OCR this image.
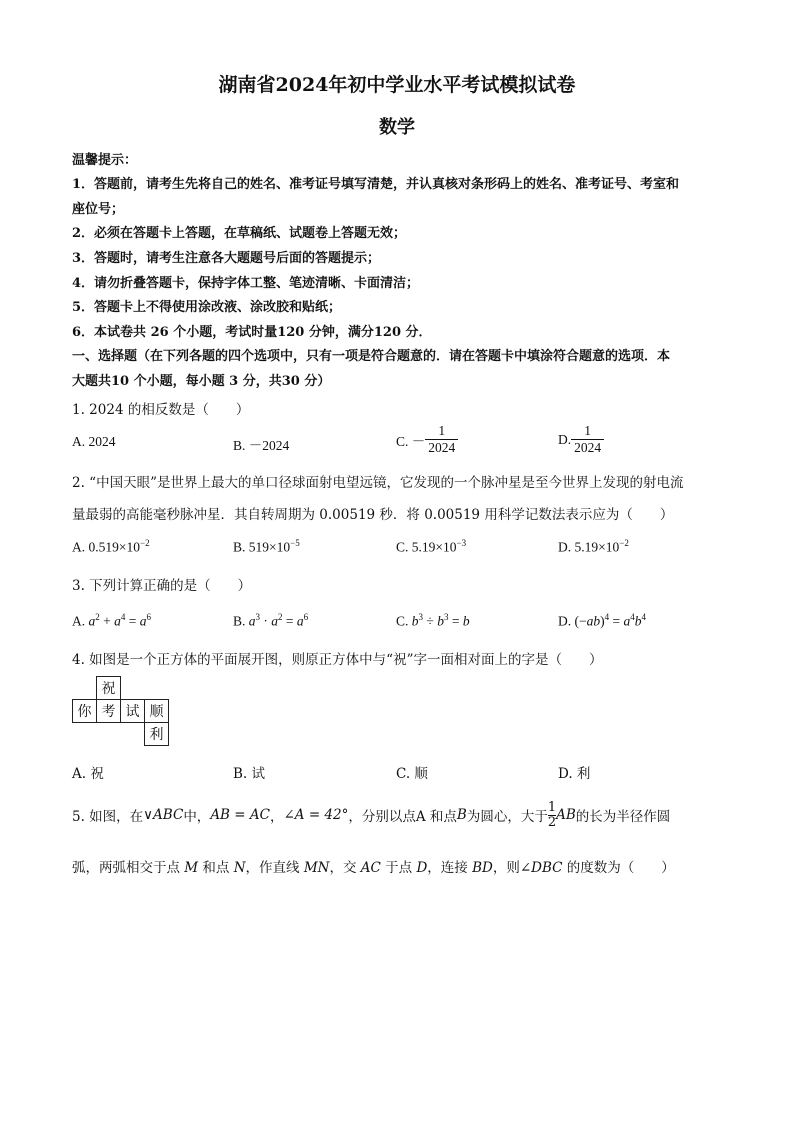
湖南省2024年初中学业水平考试模拟试卷
数学
温馨提示：
1．答题前，请考生先将自己的姓名、准考证号填写清楚，并认真核对条形码上的姓名、准考证号、考室和
座位号；
2．必须在答题卡上答题，在草稿纸、试题卷上答题无效；
3．答题时，请考生注意各大题题号后面的答题提示；
4．请勿折叠答题卡，保持字体工整、笔迹清晰、卡面清洁；
5．答题卡上不得使用涂改液、涂改胶和贴纸；
6．本试卷共 26 个小题，考试时量120 分钟，满分120 分．
一、选择题（在下列各题的四个选项中，只有一项是符合题意的．请在答题卡中填涂符合题意的选项．本
大题共10 个小题，每小题 3 分，共30 分）
1. 2024 的相反数是（　　）
A. 2024	B. －2024	C. － $\frac{1}{2024}$	D. $\frac{1}{2024}$
2. “中国天眼”是世界上最大的单口径球面射电望远镜，它发现的一个脉冲星是至今世界上发现的射电流
量最弱的高能毫秒脉冲星．其自转周期为 0.00519 秒．将 0.00519 用科学记数法表示应为（　　）
A. $0.519\times 10^{-2}$	B. $519\times 10^{-5}$	C. $5.19\times 10^{-3}$	D. $5.19\times 10^{-2}$
3. 下列计算正确的是（　　）
A. $a^2 + a^4 = a^6$	B. $a^3 \cdot a^2 = a^6$	C. $b^3 \div b^3 = b$	D. $(-ab)^4 = a^4b^4$
4. 如图是一个正方体的平面展开图，则原正方体中与“祝”字一面相对面上的字是（　　）
	祝		
你	考	试	顺
			利
A. 祝	B. 试	C. 顺	D. 利
5. 如图，在 ∨ABC 中， AB = AC ， ∠A = 42° ，分别以点A 和点 B 为圆心，大于 $\frac{1}{2}$ AB 的长为半径作圆
弧，两弧相交于点 M 和点 N，作直线 MN，交 AC 于点 D，连接 BD，则∠DBC 的度数为（　　）
